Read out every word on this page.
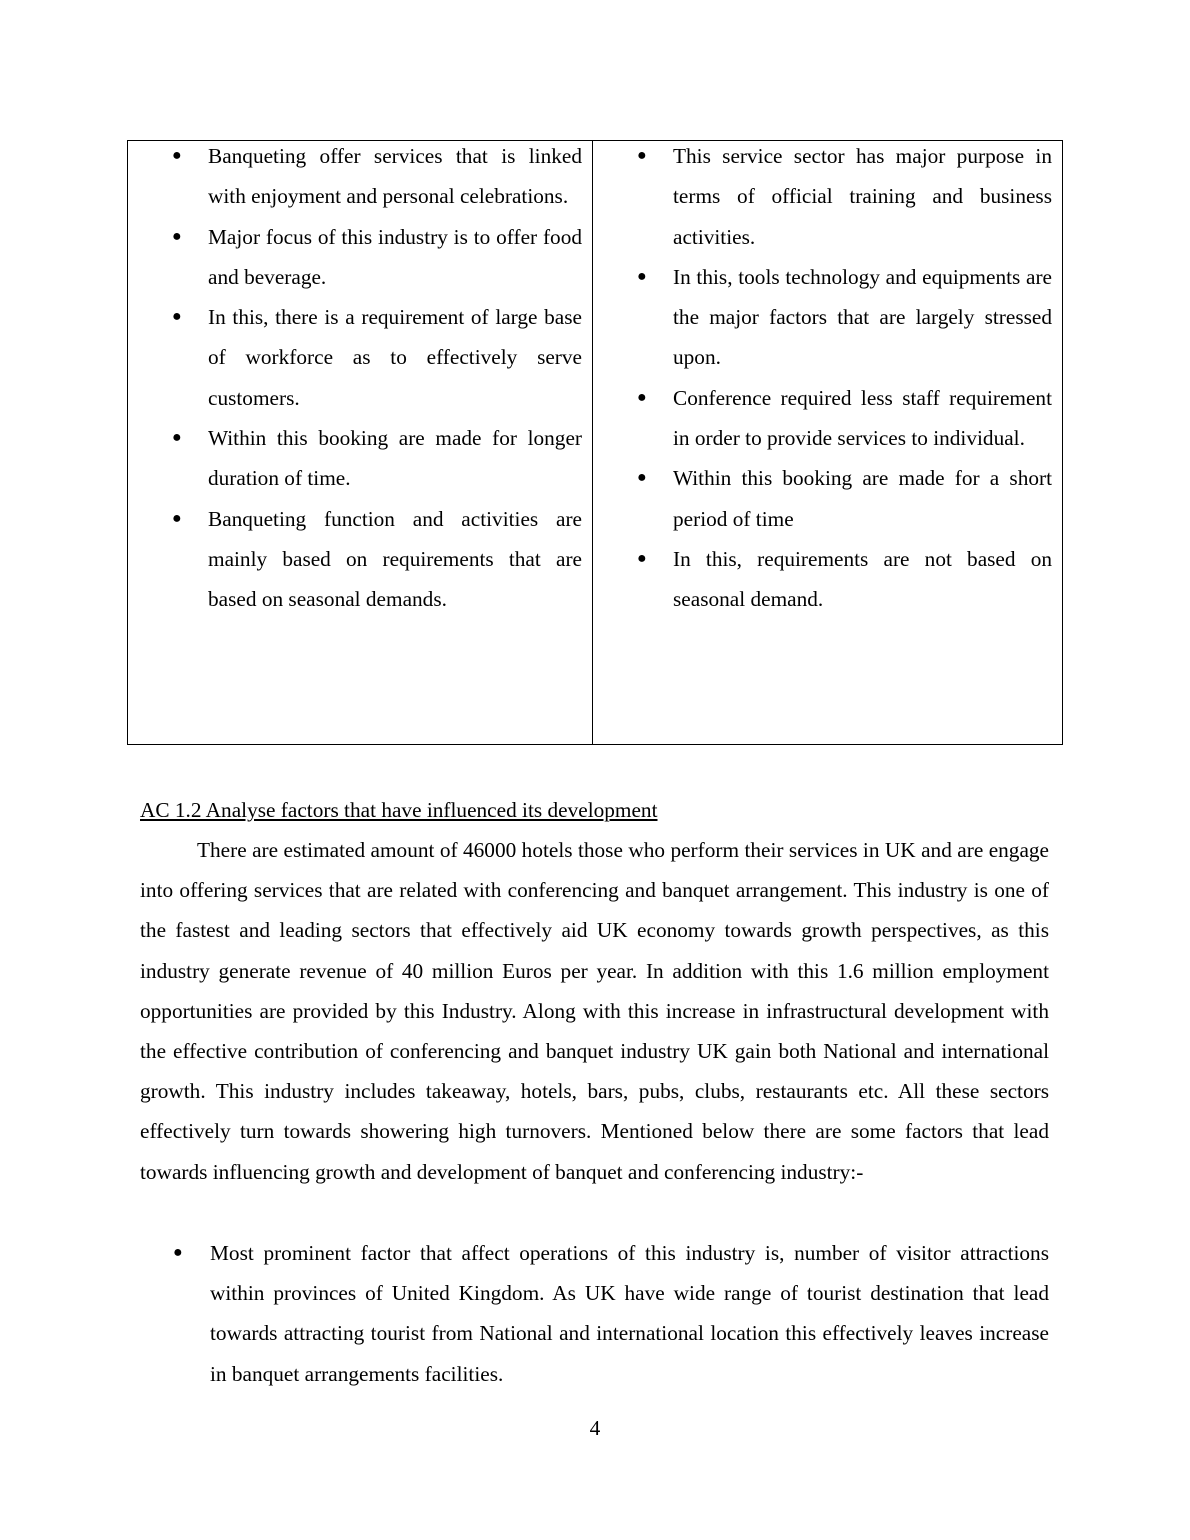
● Banqueting offer services that is linked with enjoyment and personal celebrations.
● Major focus of this industry is to offer food and beverage.
● In this, there is a requirement of large base of workforce as to effectively serve customers.
● Within this booking are made for longer duration of time.
● Banqueting function and activities are mainly based on requirements that are based on seasonal demands.
● This service sector has major purpose in terms of official training and business activities.
● In this, tools technology and equipments are the major factors that are largely stressed upon.
● Conference required less staff requirement in order to provide services to individual.
● Within this booking are made for a short period of time
● In this, requirements are not based on seasonal demand.
AC 1.2 Analyse factors that have influenced its development

There are estimated amount of 46000 hotels those who perform their services in UK and are engage into offering services that are related with conferencing and banquet arrangement. This industry is one of the fastest and leading sectors that effectively aid UK economy towards growth perspectives, as this industry generate revenue of 40 million Euros per year. In addition with this 1.6 million employment opportunities are provided by this Industry. Along with this increase in infrastructural development with the effective contribution of conferencing and banquet industry UK gain both National and international growth. This industry includes takeaway, hotels, bars, pubs, clubs, restaurants etc. All these sectors effectively turn towards showering high turnovers. Mentioned below there are some factors that lead towards influencing growth and development of banquet and conferencing industry:-

● Most prominent factor that affect operations of this industry is, number of visitor attractions within provinces of United Kingdom. As UK have wide range of tourist destination that lead towards attracting tourist from National and international location this effectively leaves increase in banquet arrangements facilities.
4
